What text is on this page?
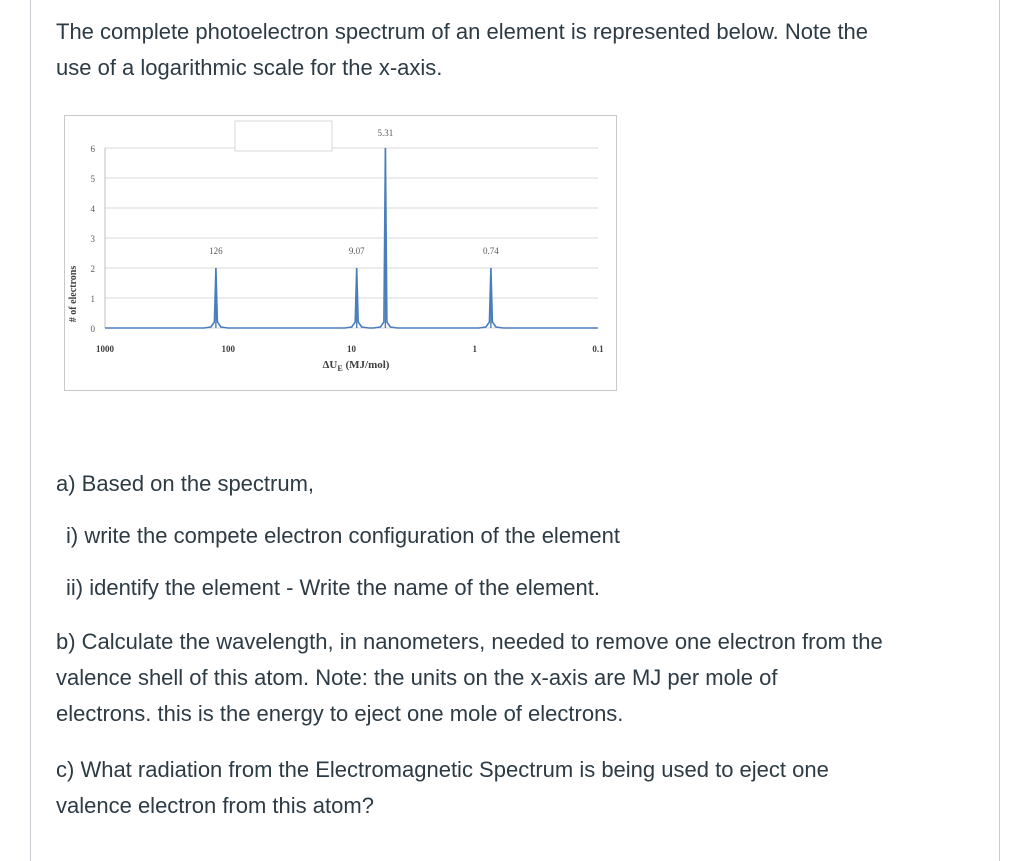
The complete photoelectron spectrum of an element is represented below. Note the
use of a logarithmic scale for the x-axis.

0
1
2
3
4
5
6
1000	100	10	1	0.1
126	9.07
5.31
0.74
# of electrons
$\Delta U_E$ (MJ/mol)

a) Based on the spectrum,

i) write the compete electron configuration of the element

ii) identify the element - Write the name of the element.

b) Calculate the wavelength, in nanometers, needed to remove one electron from the
valence shell of this atom. Note: the units on the x-axis are MJ per mole of
electrons. this is the energy to eject one mole of electrons.

c) What radiation from the Electromagnetic Spectrum is being used to eject one
valence electron from this atom?
